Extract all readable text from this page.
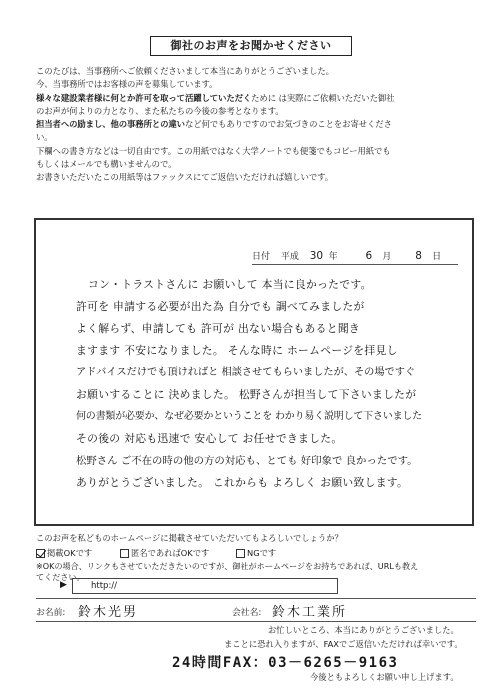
御社のお声をお聞かせください

このたびは、当事務所へご依頼くださいまして本当にありがとうございました。

今、当事務所ではお客様の声を募集しています。

様々な建設業者様に何とか許可を取って活躍していただくために は実際にご依頼いただいた御社

のお声が何よりの力となり、また私たちの今後の参考となります。

担当者への励まし、他の事務所との違いなど何でもありですのでお気づきのことをお寄せくださ

い。

下欄への書き方などは一切自由です。この用紙ではなく大学ノートでも便箋でもコピー用紙でも

もしくはメールでも構いませんので。

お書きいただいたこの用紙等はファックスにてご返信いただければ嬉しいです。

日付 平成 30 年	6 月 8 日
コン・トラストさんに お願いして 本当に良かったです。
許可を 申請する必要が出た為 自分でも 調べてみましたが
よく解らず、申請しても 許可が 出ない場合もあると聞き
ますます 不安になりました。 そんな時に ホームページを拝見し
アドバイスだけでも頂ければと 相談させてもらいましたが、その場ですぐ
お願いすることに 決めました。 松野さんが担当して下さいましたが
何の書類が必要か、なぜ必要かということを わかり易く説明して下さいました
その後の 対応も迅速で 安心して お任せできました。
松野さん ご不在の時の他の方の対応も、とても 好印象で 良かったです。
ありがとうございました。 これからも よろしく お願い致します。
このお声を私どものホームページに掲載させていただいてもよろしいでしょうか？
掲載OKです	匿名であればOKです	NGです
※OKの場合、リンクもさせていただきたいのですが、御社がホームページをお持ちであれば、URLも教え
てください。
▶	http://
お名前: 鈴木光男	会社名: 鈴木工業所
お忙しいところ、本当にありがとうございました。
まことに恐れ入りますが、FAXでご返信いただければ幸いです。
24時間FAX：03－6265－9163
今後ともよろしくお願い申し上げます。
